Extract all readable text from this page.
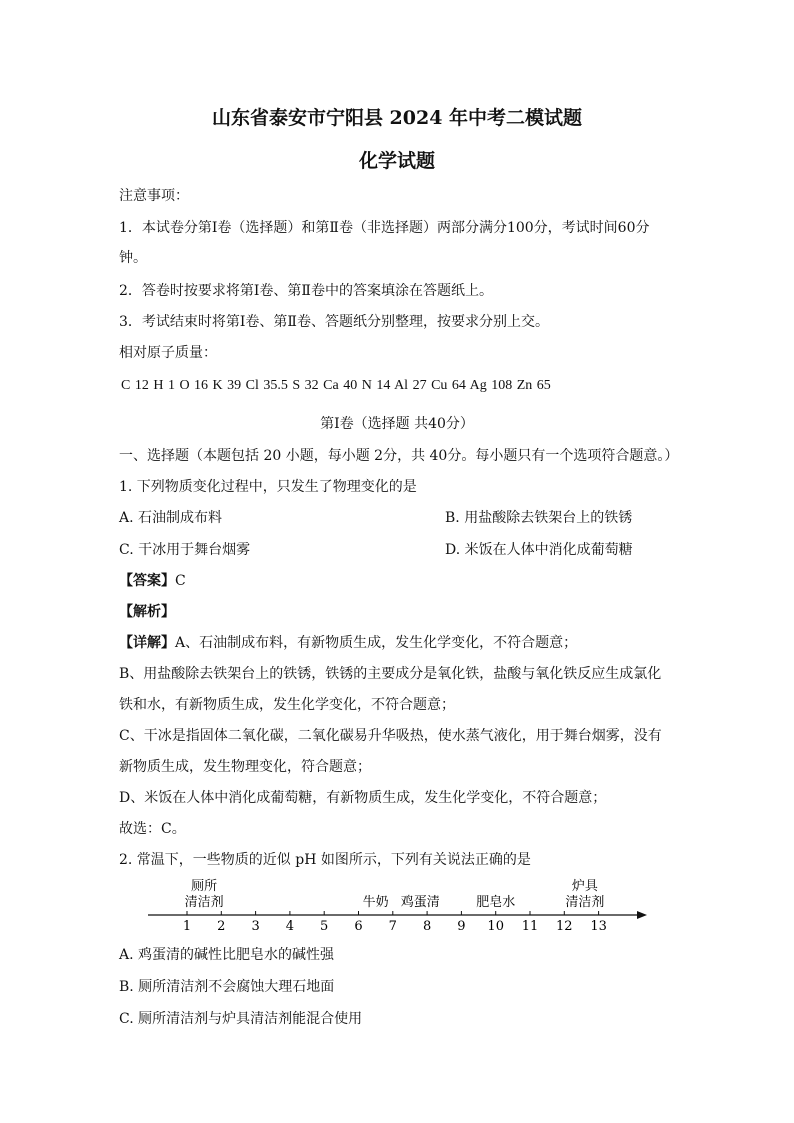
山东省泰安市宁阳县 2024 年中考二模试题
化学试题
注意事项：
1．本试卷分第Ⅰ卷（选择题）和第Ⅱ卷（非选择题）两部分满分100分，考试时间60分
钟。
2．答卷时按要求将第Ⅰ卷、第Ⅱ卷中的答案填涂在答题纸上。
3．考试结束时将第Ⅰ卷、第Ⅱ卷、答题纸分别整理，按要求分别上交。
相对原子质量：
C 12 H 1 O 16 K 39 Cl 35.5 S 32 Ca 40 N 14 Al 27 Cu 64 Ag 108 Zn 65
第Ⅰ卷（选择题 共40分）
一、选择题（本题包括 20 小题，每小题 2分，共 40分。每小题只有一个选项符合题意。）
1. 下列物质变化过程中，只发生了物理变化的是
A. 石油制成布料	B. 用盐酸除去铁架台上的铁锈
C. 干冰用于舞台烟雾	D. 米饭在人体中消化成葡萄糖
【答案】C
【解析】
【详解】A、石油制成布料，有新物质生成，发生化学变化，不符合题意；
B、用盐酸除去铁架台上的铁锈，铁锈的主要成分是氧化铁，盐酸与氧化铁反应生成氯化
铁和水，有新物质生成，发生化学变化，不符合题意；
C、干冰是指固体二氧化碳，二氧化碳易升华吸热，使水蒸气液化，用于舞台烟雾，没有
新物质生成，发生物理变化，符合题意；
D、米饭在人体中消化成葡萄糖，有新物质生成，发生化学变化，不符合题意；
故选：C。
2. 常温下，一些物质的近似 pH 如图所示，下列有关说法正确的是
1 2 3 4 5 6 7 8 9 10 11 12 13
厕所
清洁剂	牛奶 鸡蛋清	肥皂水
炉具
清洁剂
A. 鸡蛋清的碱性比肥皂水的碱性强
B. 厕所清洁剂不会腐蚀大理石地面
C. 厕所清洁剂与炉具清洁剂能混合使用
